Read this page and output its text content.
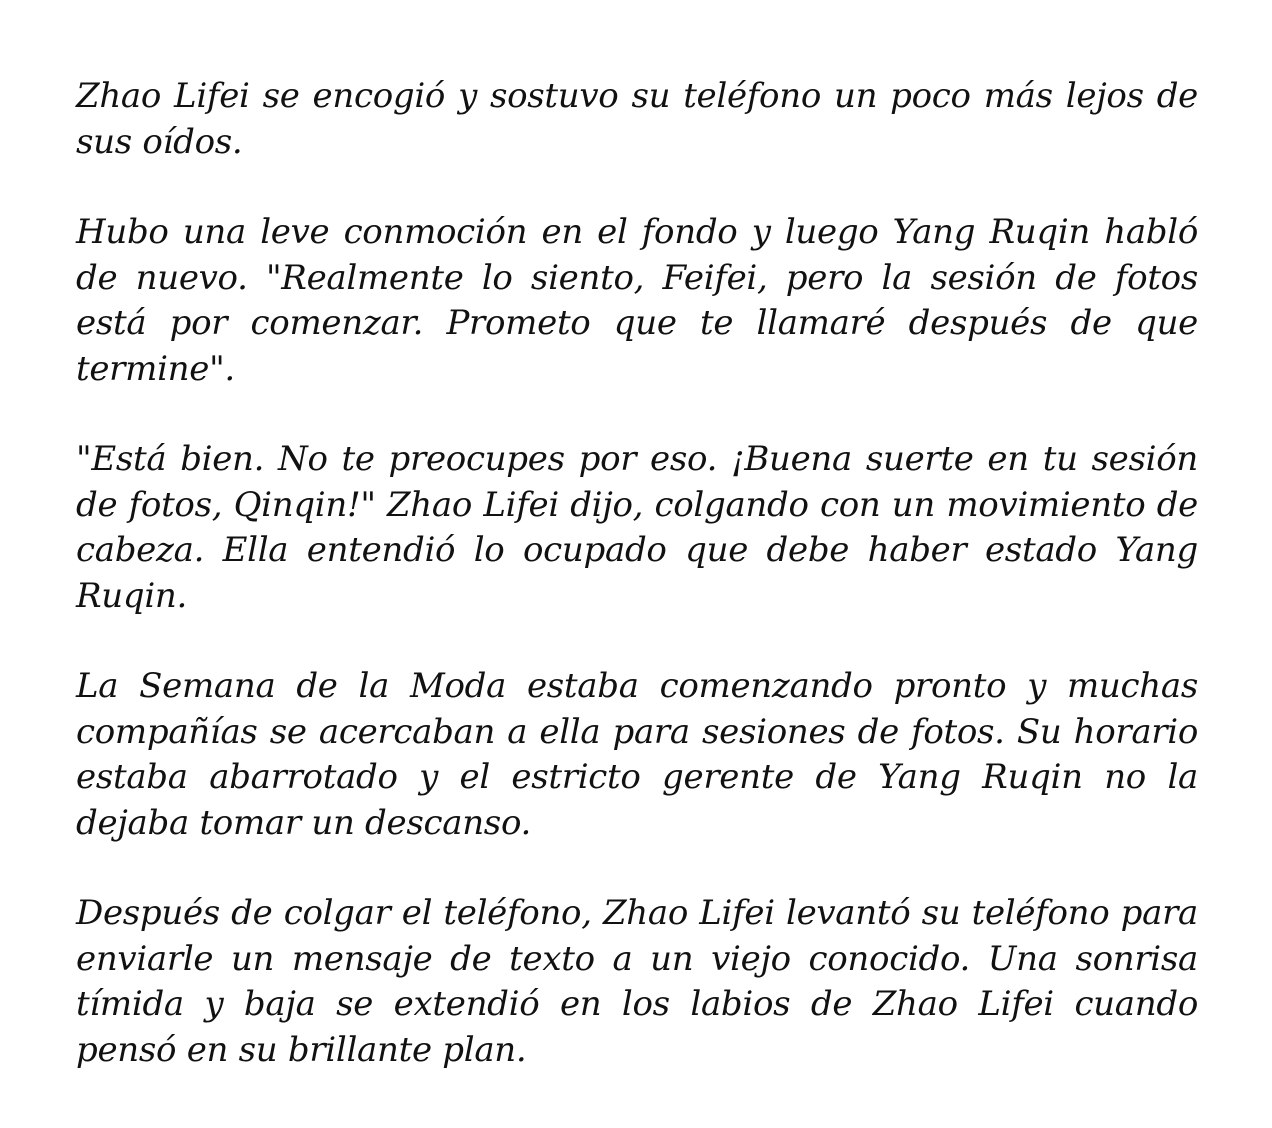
Zhao Lifei se encogió y sostuvo su teléfono un poco más lejos de sus oídos.

Hubo una leve conmoción en el fondo y luego Yang Ruqin habló de nuevo. "Realmente lo siento, Feifei, pero la sesión de fotos está por comenzar. Prometo que te llamaré después de que termine".

"Está bien. No te preocupes por eso. ¡Buena suerte en tu sesión de fotos, Qinqin!" Zhao Lifei dijo, colgando con un movimiento de cabeza. Ella entendió lo ocupado que debe haber estado Yang Ruqin.

La Semana de la Moda estaba comenzando pronto y muchas compañías se acercaban a ella para sesiones de fotos. Su horario estaba abarrotado y el estricto gerente de Yang Ruqin no la dejaba tomar un descanso.

Después de colgar el teléfono, Zhao Lifei levantó su teléfono para enviarle un mensaje de texto a un viejo conocido. Una sonrisa tímida y baja se extendió en los labios de Zhao Lifei cuando pensó en su brillante plan.
